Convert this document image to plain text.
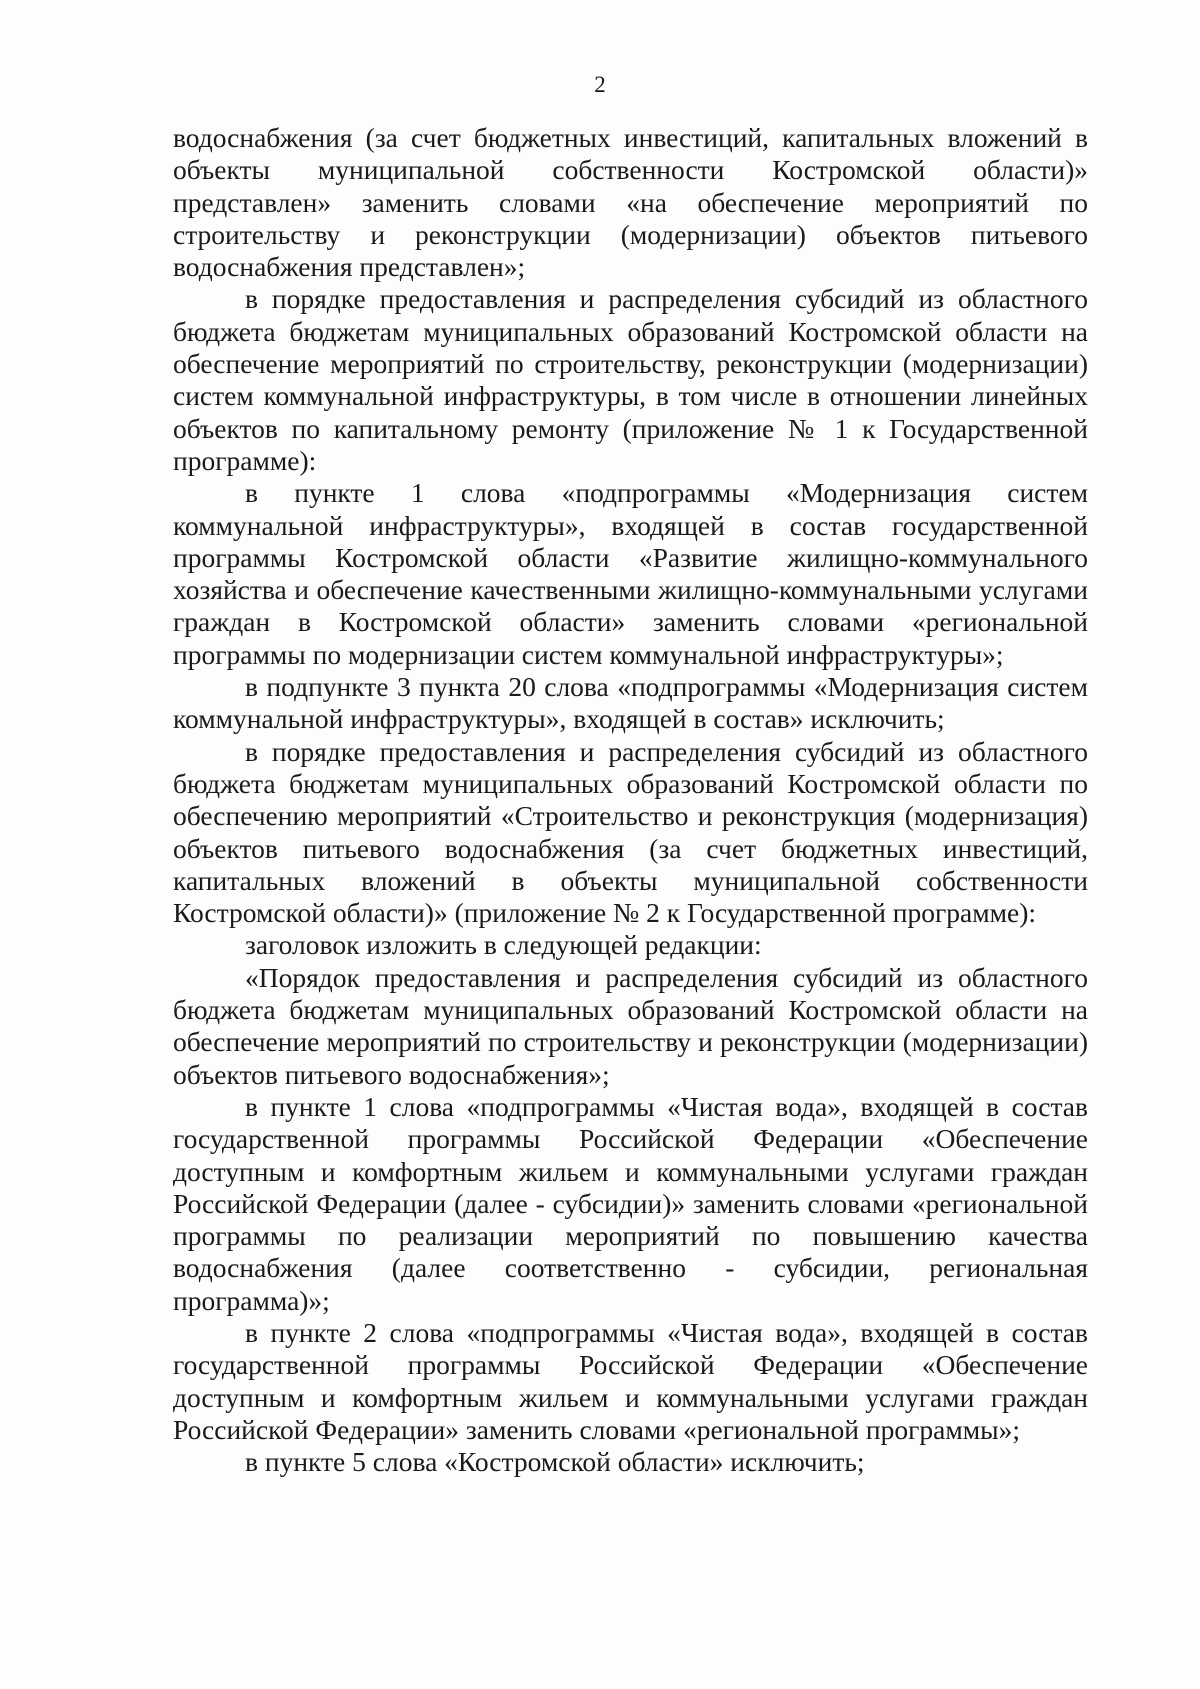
2

водоснабжения (за счет бюджетных инвестиций, капитальных вложений в объекты муниципальной собственности Костромской области)» представлен» заменить словами «на обеспечение мероприятий по строительству и реконструкции (модернизации) объектов питьевого водоснабжения представлен»;

в порядке предоставления и распределения субсидий из областного бюджета бюджетам муниципальных образований Костромской области на обеспечение мероприятий по строительству, реконструкции (модернизации) систем коммунальной инфраструктуры, в том числе в отношении линейных объектов по капитальному ремонту (приложение № 1 к Государственной программе):

в пункте 1 слова «подпрограммы «Модернизация систем коммунальной инфраструктуры», входящей в состав государственной программы Костромской области «Развитие жилищно-коммунального хозяйства и обеспечение качественными жилищно-коммунальными услугами граждан в Костромской области» заменить словами «региональной программы по модернизации систем коммунальной инфраструктуры»;

в подпункте 3 пункта 20 слова «подпрограммы «Модернизация систем коммунальной инфраструктуры», входящей в состав» исключить;

в порядке предоставления и распределения субсидий из областного бюджета бюджетам муниципальных образований Костромской области по обеспечению мероприятий «Строительство и реконструкция (модернизация) объектов питьевого водоснабжения (за счет бюджетных инвестиций, капитальных вложений в объекты муниципальной собственности Костромской области)» (приложение № 2 к Государственной программе):

заголовок изложить в следующей редакции:

«Порядок предоставления и распределения субсидий из областного бюджета бюджетам муниципальных образований Костромской области на обеспечение мероприятий по строительству и реконструкции (модернизации) объектов питьевого водоснабжения»;

в пункте 1 слова «подпрограммы «Чистая вода», входящей в состав государственной программы Российской Федерации «Обеспечение доступным и комфортным жильем и коммунальными услугами граждан Российской Федерации (далее - субсидии)» заменить словами «региональной программы по реализации мероприятий по повышению качества водоснабжения (далее соответственно - субсидии, региональная программа)»;

в пункте 2 слова «подпрограммы «Чистая вода», входящей в состав государственной программы Российской Федерации «Обеспечение доступным и комфортным жильем и коммунальными услугами граждан Российской Федерации» заменить словами «региональной программы»;

в пункте 5 слова «Костромской области» исключить;
